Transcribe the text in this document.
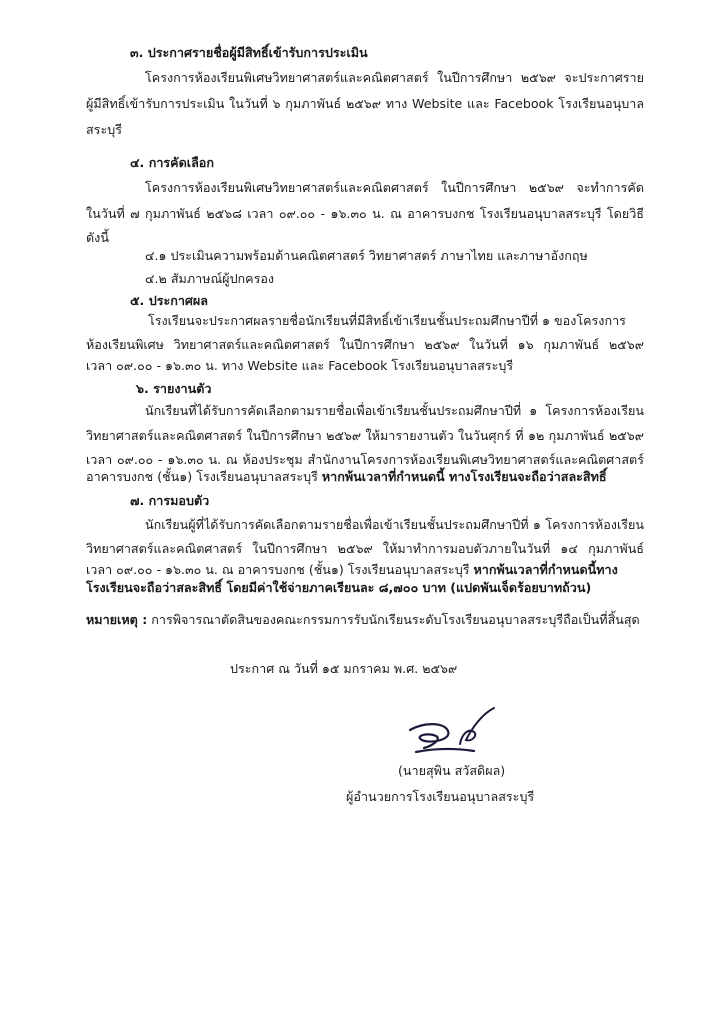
๓. ประกาศรายชื่อผู้มีสิทธิ์เข้ารับการประเมิน
โครงการห้องเรียนพิเศษวิทยาศาสตร์และคณิตศาสตร์ ในปีการศึกษา ๒๕๖๙ จะประกาศราย
ผู้มีสิทธิ์เข้ารับการประเมิน ในวันที่ ๖ กุมภาพันธ์ ๒๕๖๙ ทาง Website และ Facebook โรงเรียนอนุบาล
สระบุรี
๔. การคัดเลือก
โครงการห้องเรียนพิเศษวิทยาศาสตร์และคณิตศาสตร์ ในปีการศึกษา ๒๕๖๙ จะทำการคัด
ในวันที่ ๗ กุมภาพันธ์ ๒๕๖๘ เวลา ๐๙.๐๐ - ๑๖.๓๐ น. ณ อาคารบงกช โรงเรียนอนุบาลสระบุรี โดยวิธี
ดังนี้
๔.๑ ประเมินความพร้อมด้านคณิตศาสตร์ วิทยาศาสตร์ ภาษาไทย และภาษาอังกฤษ
๔.๒ สัมภาษณ์ผู้ปกครอง
๕. ประกาศผล
โรงเรียนจะประกาศผลรายชื่อนักเรียนที่มีสิทธิ์เข้าเรียนชั้นประถมศึกษาปีที่ ๑ ของโครงการ
ห้องเรียนพิเศษ วิทยาศาสตร์และคณิตศาสตร์ ในปีการศึกษา ๒๕๖๙ ในวันที่ ๑๖ กุมภาพันธ์ ๒๕๖๙
เวลา ๐๙.๐๐ - ๑๖.๓๐ น. ทาง Website และ Facebook โรงเรียนอนุบาลสระบุรี
๖. รายงานตัว
นักเรียนที่ได้รับการคัดเลือกตามรายชื่อเพื่อเข้าเรียนชั้นประถมศึกษาปีที่ ๑ โครงการห้องเรียน
วิทยาศาสตร์และคณิตศาสตร์ ในปีการศึกษา ๒๕๖๙ ให้มารายงานตัว ในวันศุกร์ ที่ ๑๒ กุมภาพันธ์ ๒๕๖๙
เวลา ๐๙.๐๐ - ๑๖.๓๐ น. ณ ห้องประชุม สำนักงานโครงการห้องเรียนพิเศษวิทยาศาสตร์และคณิตศาสตร์
อาคารบงกช (ชั้น๑) โรงเรียนอนุบาลสระบุรี หากพ้นเวลาที่กำหนดนี้ ทางโรงเรียนจะถือว่าสละสิทธิ์
๗. การมอบตัว
นักเรียนผู้ที่ได้รับการคัดเลือกตามรายชื่อเพื่อเข้าเรียนชั้นประถมศึกษาปีที่ ๑ โครงการห้องเรียน
วิทยาศาสตร์และคณิตศาสตร์ ในปีการศึกษา ๒๕๖๙ ให้มาทำการมอบตัวภายในวันที่ ๑๔ กุมภาพันธ์
เวลา ๐๙.๐๐ - ๑๖.๓๐ น. ณ อาคารบงกช (ชั้น๑) โรงเรียนอนุบาลสระบุรี หากพ้นเวลาที่กำหนดนี้ทาง
โรงเรียนจะถือว่าสละสิทธิ์ โดยมีค่าใช้จ่ายภาคเรียนละ ๘,๗๐๐ บาท (แปดพันเจ็ดร้อยบาทถ้วน)
หมายเหตุ : การพิจารณาตัดสินของคณะกรรมการรับนักเรียนระดับโรงเรียนอนุบาลสระบุรีถือเป็นที่สิ้นสุด
ประกาศ ณ วันที่ ๑๕ มกราคม พ.ศ. ๒๕๖๙
(นายสุพิน สวัสดิผล)
ผู้อำนวยการโรงเรียนอนุบาลสระบุรี
